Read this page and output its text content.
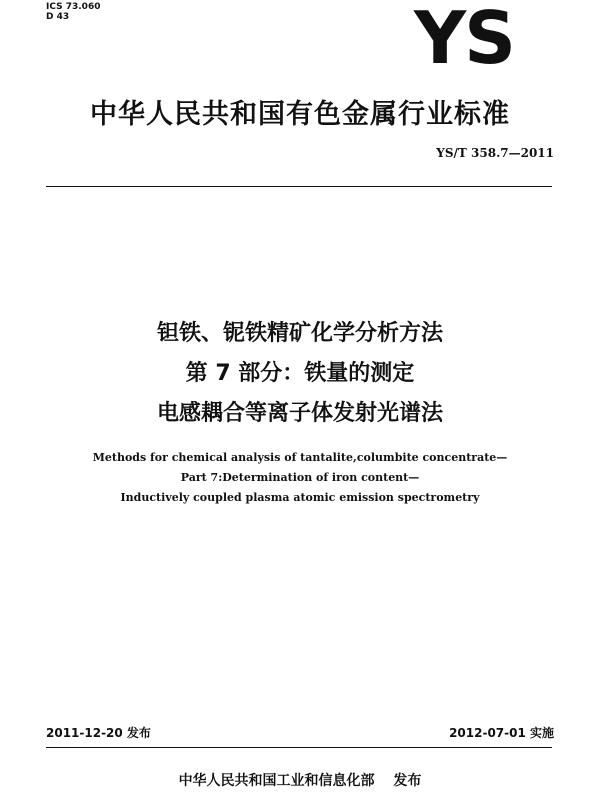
ICS 73.060
D 43	YS
中华人民共和国有色金属行业标准
YS/T 358.7—2011
钽铁、铌铁精矿化学分析方法
第 7 部分：铁量的测定
电感耦合等离子体发射光谱法
Methods for chemical analysis of tantalite,columbite concentrate—
Part 7:Determination of iron content—
Inductively coupled plasma atomic emission spectrometry
2011-12-20 发布	2012-07-01 实施
中华人民共和国工业和信息化部 发布
